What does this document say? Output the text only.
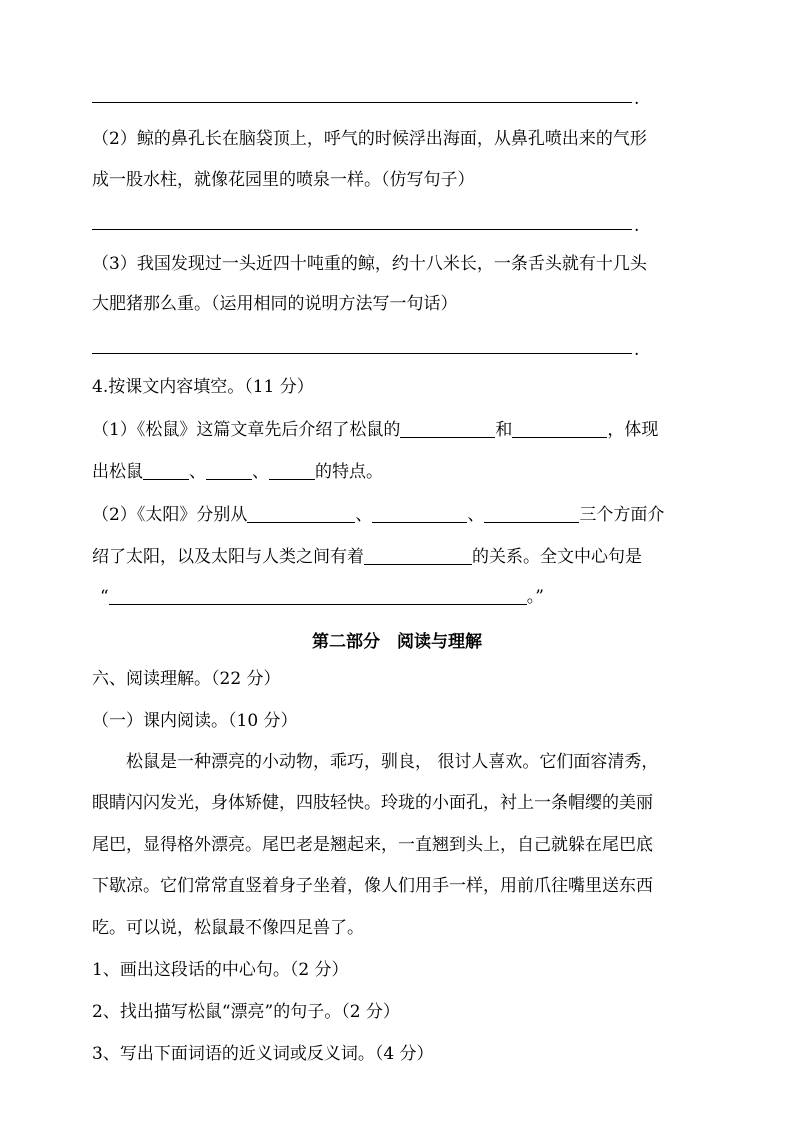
.
（2）鲸的鼻孔长在脑袋顶上，呼气的时候浮出海面，从鼻孔喷出来的气形
成一股水柱，就像花园里的喷泉一样。（仿写句子）
.
（3）我国发现过一头近四十吨重的鲸，约十八米长，一条舌头就有十几头
大肥猪那么重。（运用相同的说明方法写一句话）
.
4.按课文内容填空。（11 分）
（1）《松鼠》这篇文章先后介绍了松鼠的	和	，体现
出松鼠	、	、	的特点。
（2）《太阳》分别从	、	、	三个方面介
绍了太阳，以及太阳与人类之间有着	的关系。全文中心句是
“	。”
第二部分　阅读与理解
六、阅读理解。（22 分）
（一）课内阅读。（10 分）
松鼠是一种漂亮的小动物，乖巧，驯良， 很讨人喜欢。它们面容清秀，
眼睛闪闪发光，身体矫健，四肢轻快。玲珑的小面孔，衬上一条帽缨的美丽
尾巴，显得格外漂亮。尾巴老是翘起来，一直翘到头上，自己就躲在尾巴底
下歇凉。它们常常直竖着身子坐着，像人们用手一样，用前爪往嘴里送东西
吃。可以说，松鼠最不像四足兽了。
1、画出这段话的中心句。（2 分）
2、找出描写松鼠“漂亮”的句子。（2 分）
3、写出下面词语的近义词或反义词。（4 分）
